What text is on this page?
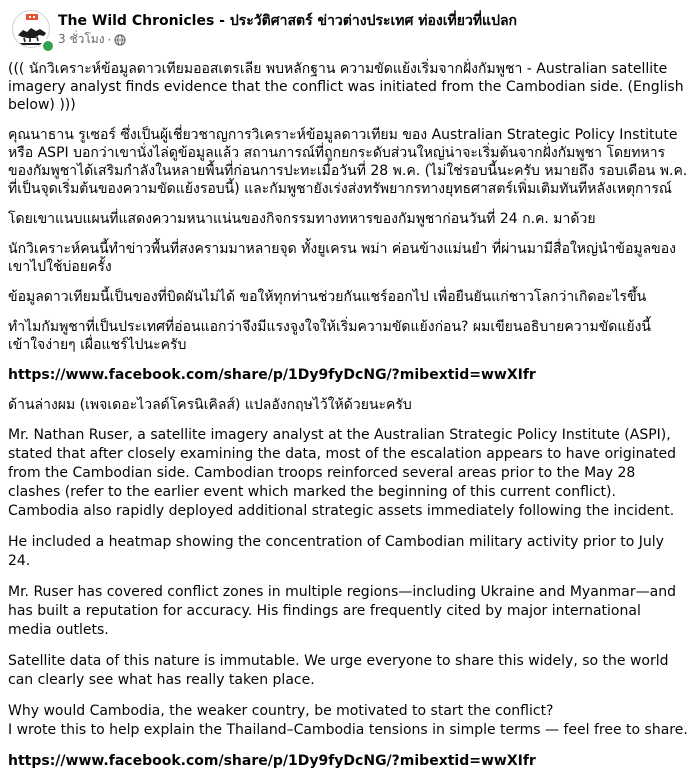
The Wild Chronicles - ประวัติศาสตร์ ข่าวต่างประเทศ ท่องเที่ยวที่แปลก
3 ชั่วโมง ·

((( นักวิเคราะห์ข้อมูลดาวเทียมออสเตรเลีย พบหลักฐาน ความขัดแย้งเริ่มจากฝั่งกัมพูชา - Australian satellite imagery analyst finds evidence that the conflict was initiated from the Cambodian side. (English below) )))

คุณนาธาน รูเซอร์ ซึ่งเป็นผู้เชี่ยวชาญการวิเคราะห์ข้อมูลดาวเทียม ของ Australian Strategic Policy Institute หรือ ASPI บอกว่าเขานั่งไล่ดูข้อมูลแล้ว สถานการณ์ที่ถูกยกระดับส่วนใหญ่น่าจะเริ่มต้นจากฝั่งกัมพูชา โดยทหารของกัมพูชาได้เสริมกำลังในหลายพื้นที่ก่อนการปะทะเมื่อวันที่ 28 พ.ค. (ไม่ใช่รอบนี้นะครับ หมายถึง รอบเดือน พ.ค. ที่เป็นจุดเริ่มต้นของความขัดแย้งรอบนี้) และกัมพูชายังเร่งส่งทรัพยากรทางยุทธศาสตร์เพิ่มเติมทันทีหลังเหตุการณ์

โดยเขาแนบแผนที่แสดงความหนาแน่นของกิจกรรมทางทหารของกัมพูชาก่อนวันที่ 24 ก.ค. มาด้วย

นักวิเคราะห์คนนี้ทำข่าวพื้นที่สงครามมาหลายจุด ทั้งยูเครน พม่า ค่อนข้างแม่นยำ ที่ผ่านมามีสื่อใหญ่นำข้อมูลของเขาไปใช้บ่อยครั้ง

ข้อมูลดาวเทียมนี้เป็นของที่บิดผันไม่ได้ ขอให้ทุกท่านช่วยกันแชร์ออกไป เพื่อยืนยันแก่ชาวโลกว่าเกิดอะไรขึ้น

ทำไมกัมพูชาที่เป็นประเทศที่อ่อนแอกว่าจึงมีแรงจูงใจให้เริ่มความขัดแย้งก่อน? ผมเขียนอธิบายความขัดแย้งนี้เข้าใจง่ายๆ เผื่อแชร์ไปนะครับ

https://www.facebook.com/share/p/1Dy9fyDcNG/?mibextid=wwXIfr

ด้านล่างผม (เพจเดอะไวลด์โครนิเคิลส์) แปลอังกฤษไว้ให้ด้วยนะครับ

Mr. Nathan Ruser, a satellite imagery analyst at the Australian Strategic Policy Institute (ASPI), stated that after closely examining the data, most of the escalation appears to have originated from the Cambodian side. Cambodian troops reinforced several areas prior to the May 28 clashes (refer to the earlier event which marked the beginning of this current conflict). Cambodia also rapidly deployed additional strategic assets immediately following the incident.

He included a heatmap showing the concentration of Cambodian military activity prior to July 24.

Mr. Ruser has covered conflict zones in multiple regions—including Ukraine and Myanmar—and has built a reputation for accuracy. His findings are frequently cited by major international media outlets.

Satellite data of this nature is immutable. We urge everyone to share this widely, so the world can clearly see what has really taken place.

Why would Cambodia, the weaker country, be motivated to start the conflict?
I wrote this to help explain the Thailand–Cambodia tensions in simple terms — feel free to share.

https://www.facebook.com/share/p/1Dy9fyDcNG/?mibextid=wwXIfr
